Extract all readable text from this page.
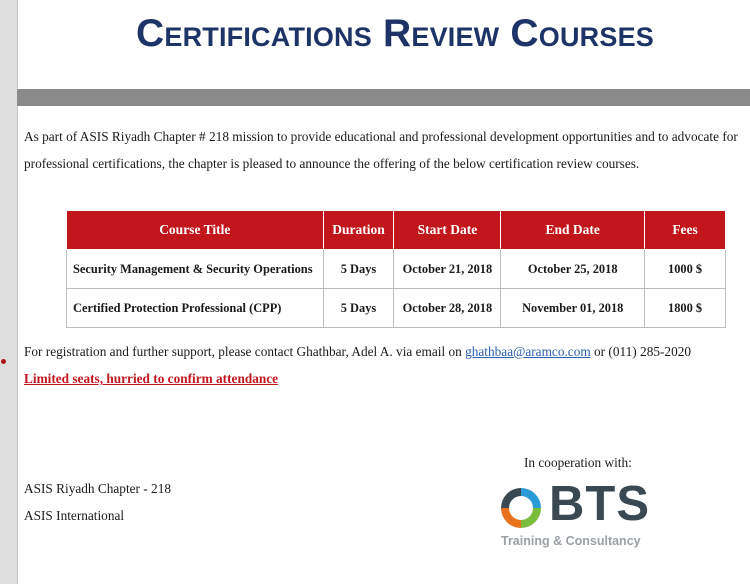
Certifications Review Courses
As part of ASIS Riyadh Chapter # 218 mission to provide educational and professional development opportunities and to advocate for professional certifications, the chapter is pleased to announce the offering of the below certification review courses.
Course Title	Duration	Start Date	End Date	Fees
Security Management & Security Operations	5 Days	October 21, 2018	October 25, 2018	1000 $
Certified Protection Professional (CPP)	5 Days	October 28, 2018	November 01, 2018	1800 $
For registration and further support, please contact Ghathbar, Adel A. via email on ghathbaa@aramco.com or (011) 285-2020
Limited seats, hurried to confirm attendance
In cooperation with:
ASIS Riyadh Chapter - 218
ASIS International	BTS
Training & Consultancy
